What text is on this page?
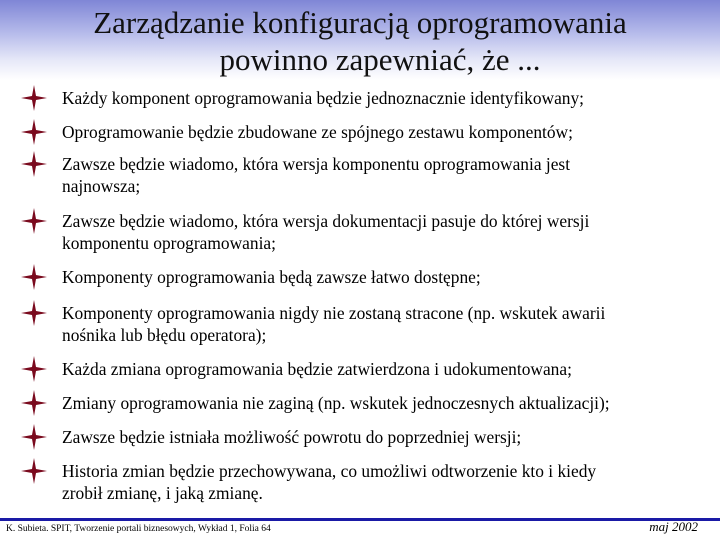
Zarządzanie konfiguracją oprogramowania
powinno zapewniać, że ...
Każdy komponent oprogramowania będzie jednoznacznie identyfikowany;
Oprogramowanie będzie zbudowane ze spójnego zestawu komponentów;
Zawsze będzie wiadomo, która wersja komponentu oprogramowania jest
najnowsza;
Zawsze będzie wiadomo, która wersja dokumentacji pasuje do której wersji
komponentu oprogramowania;
Komponenty oprogramowania będą zawsze łatwo dostępne;
Komponenty oprogramowania nigdy nie zostaną stracone (np. wskutek awarii
nośnika lub błędu operatora);
Każda zmiana oprogramowania będzie zatwierdzona i udokumentowana;
Zmiany oprogramowania nie zaginą (np. wskutek jednoczesnych aktualizacji);
Zawsze będzie istniała możliwość powrotu do poprzedniej wersji;
Historia zmian będzie przechowywana, co umożliwi odtworzenie kto i kiedy
zrobił zmianę, i jaką zmianę.
K. Subieta. SPIT, Tworzenie portali biznesowych, Wykład 1, Folia 64	maj 2002
